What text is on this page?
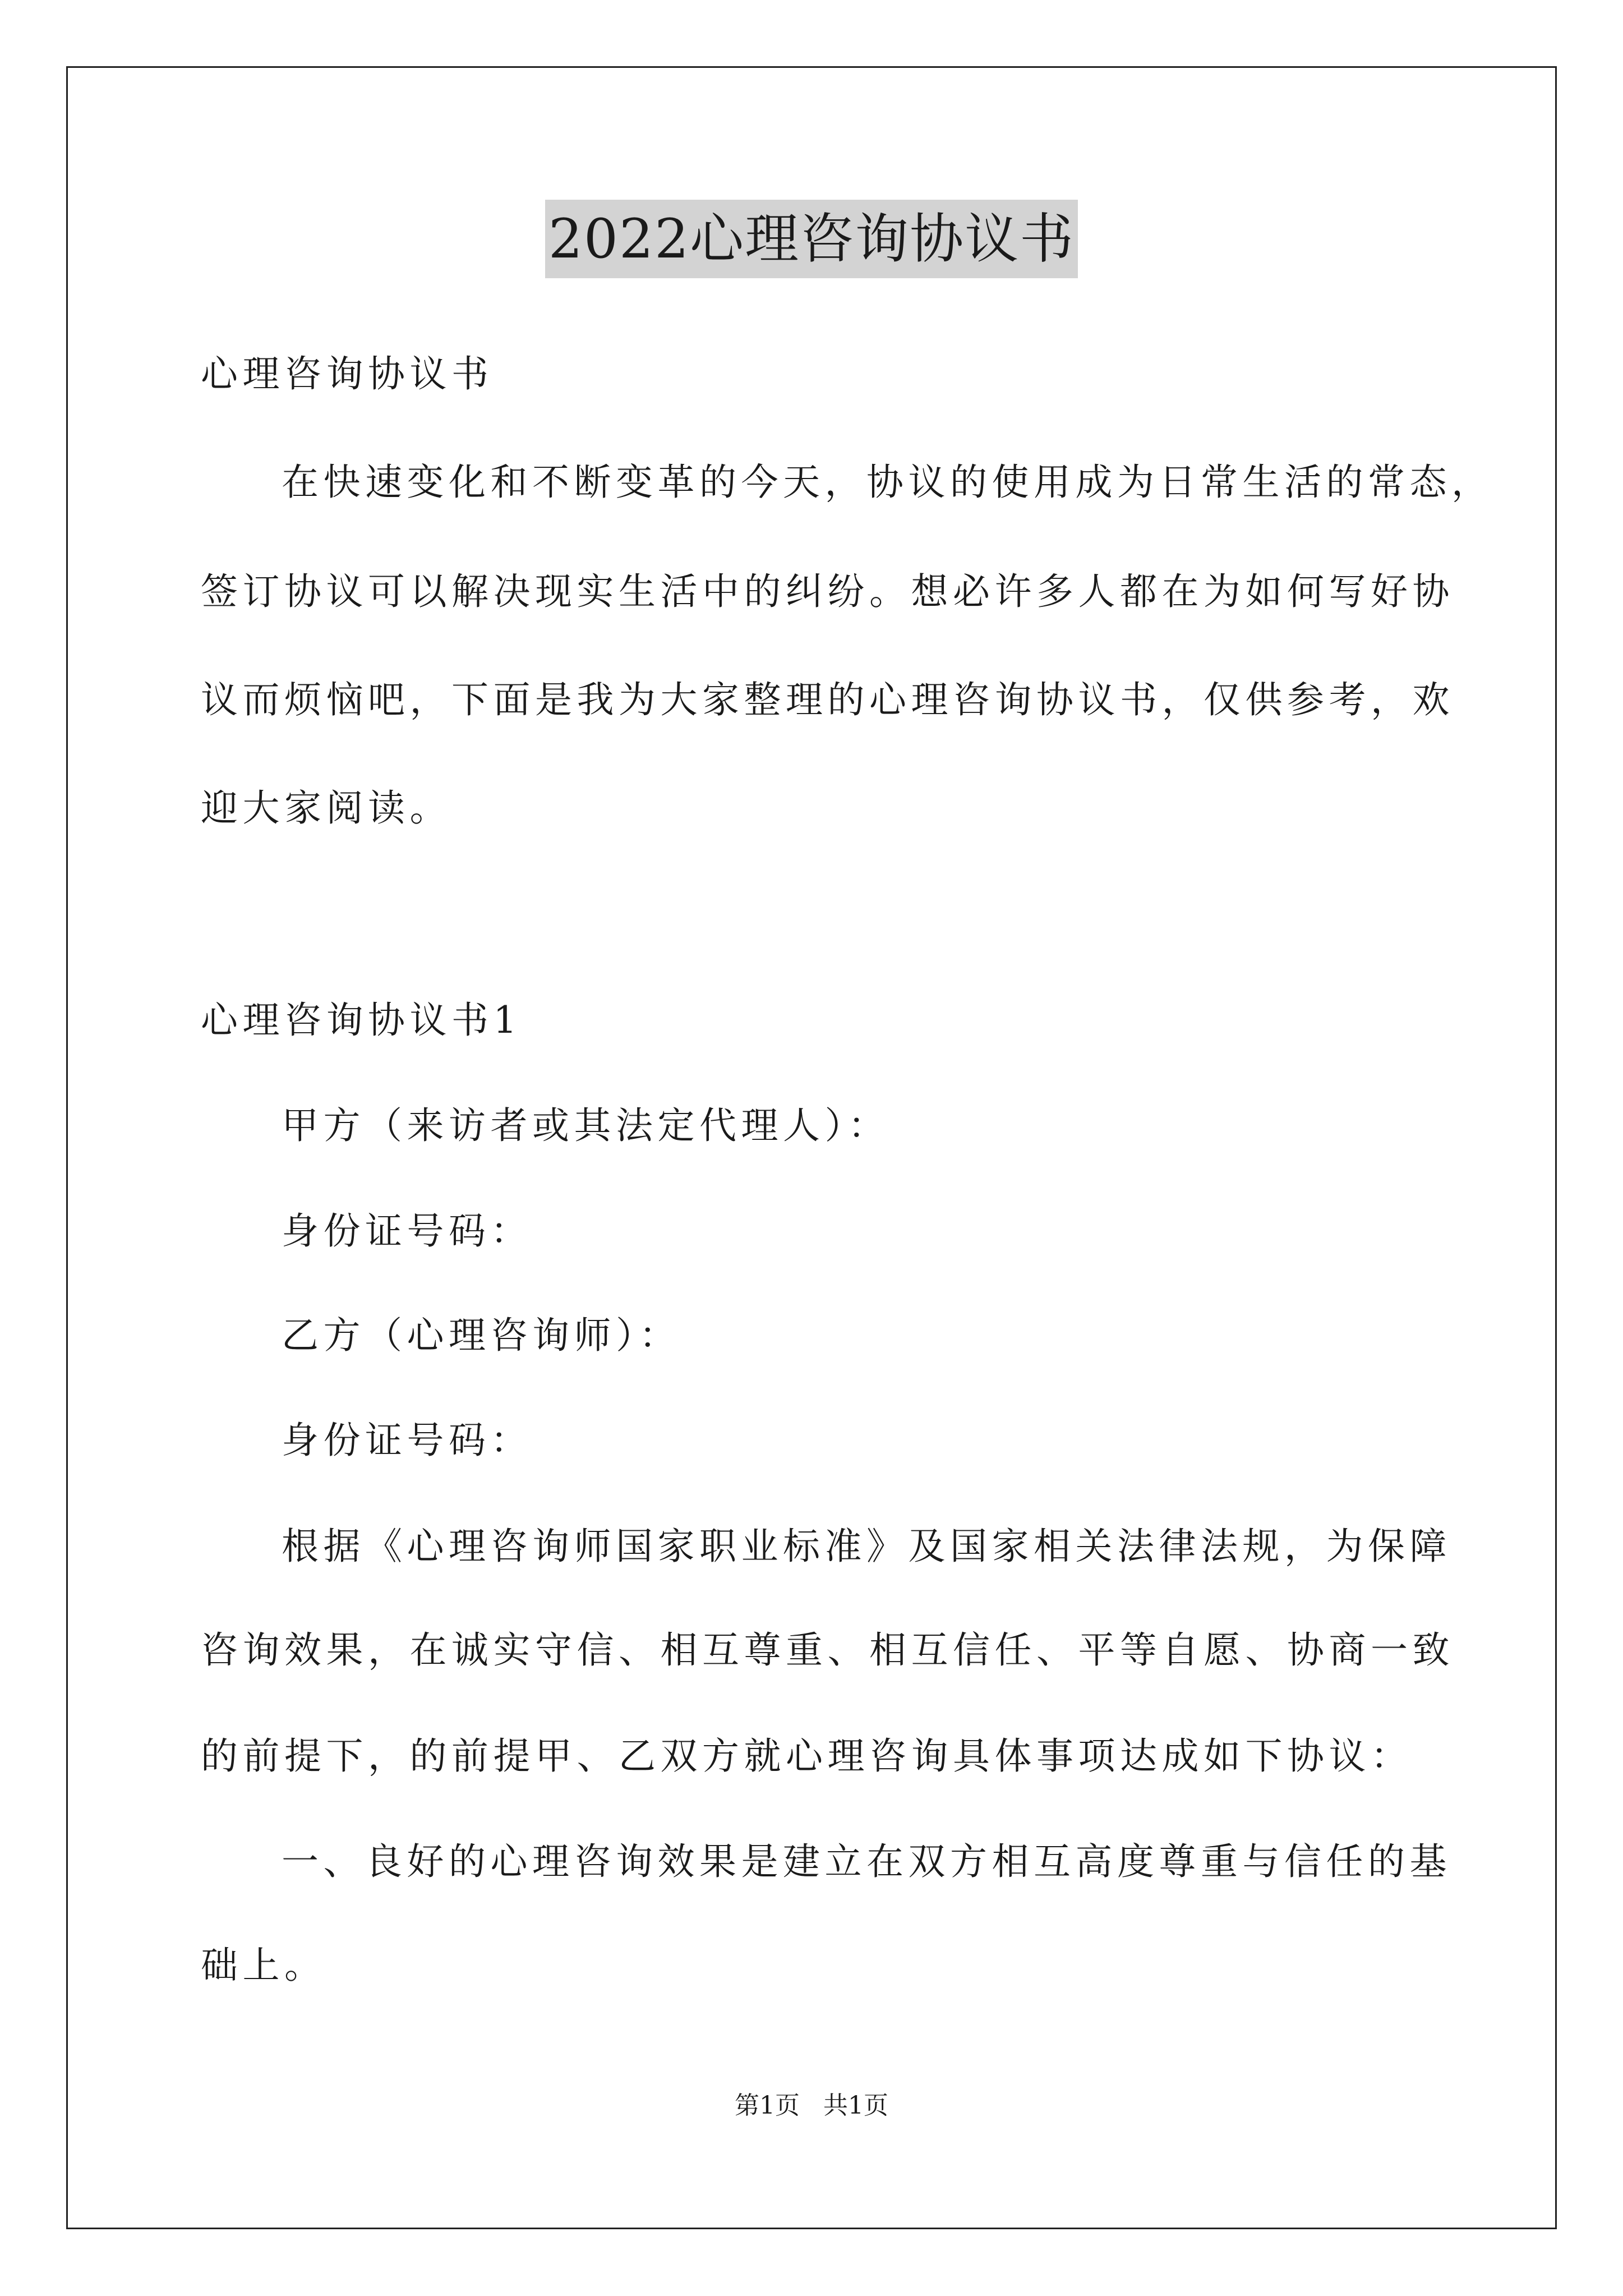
2022心理咨询协议书

心理咨询协议书

在快速变化和不断变革的今天，协议的使用成为日常生活的常态，

签订协议可以解决现实生活中的纠纷。想必许多人都在为如何写好协

议而烦恼吧，下面是我为大家整理的心理咨询协议书，仅供参考，欢

迎大家阅读。

心理咨询协议书1

甲方（来访者或其法定代理人）：

身份证号码：

乙方（心理咨询师）：

身份证号码：

根据《心理咨询师国家职业标准》及国家相关法律法规，为保障

咨询效果，在诚实守信、相互尊重、相互信任、平等自愿、协商一致

的前提下，的前提甲、乙双方就心理咨询具体事项达成如下协议：

一、良好的心理咨询效果是建立在双方相互高度尊重与信任的基

础上。

第1页   共1页
